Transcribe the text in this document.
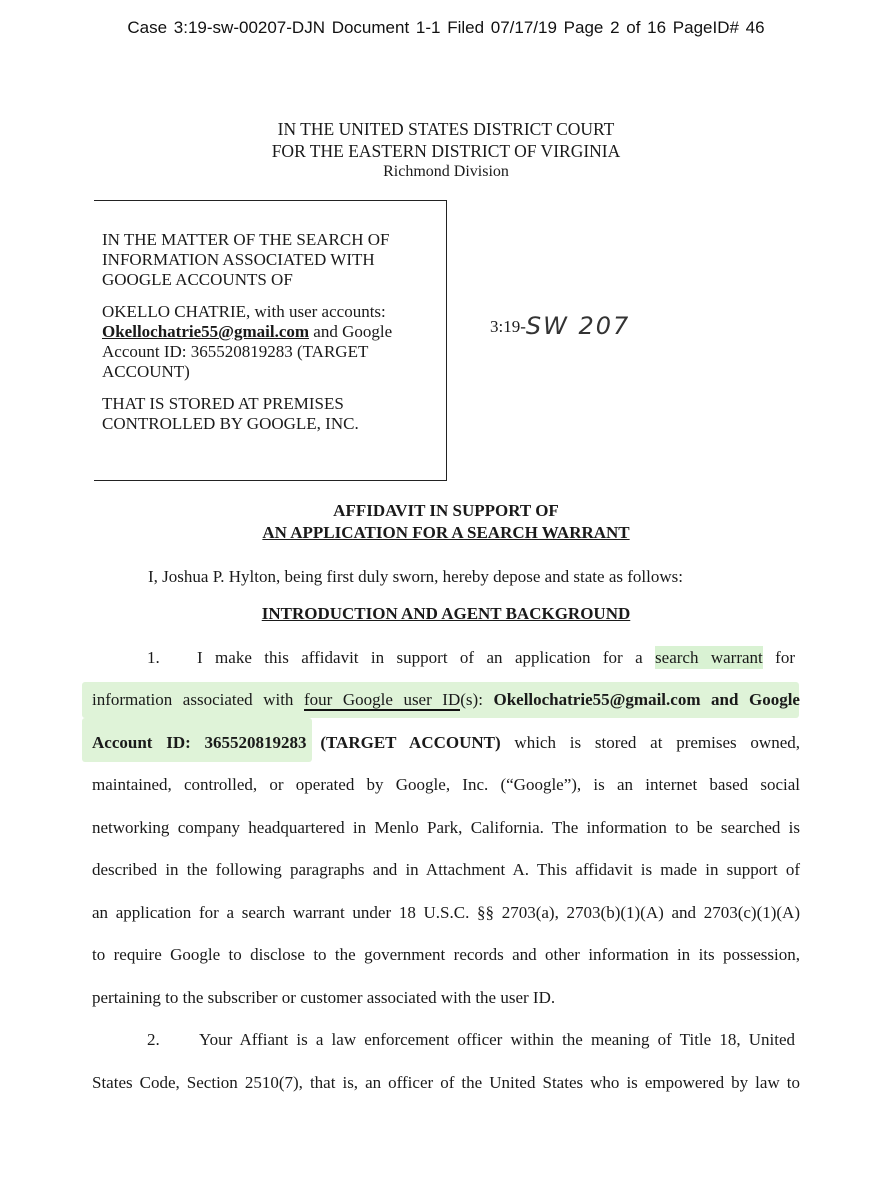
Case 3:19-sw-00207-DJN Document 1-1 Filed 07/17/19 Page 2 of 16 PageID# 46
IN THE UNITED STATES DISTRICT COURT
FOR THE EASTERN DISTRICT OF VIRGINIA
Richmond Division

IN THE MATTER OF THE SEARCH OF INFORMATION ASSOCIATED WITH GOOGLE ACCOUNTS OF

OKELLO CHATRIE, with user accounts: Okellochatrie55@gmail.com and Google Account ID: 365520819283 (TARGET ACCOUNT)

THAT IS STORED AT PREMISES CONTROLLED BY GOOGLE, INC.

3:19-SW 207
AFFIDAVIT IN SUPPORT OF
AN APPLICATION FOR A SEARCH WARRANT
I, Joshua P. Hylton, being first duly sworn, hereby depose and state as follows:
INTRODUCTION AND AGENT BACKGROUND
1. I make this affidavit in support of an application for a search warrant for
information associated with four Google user ID(s): Okellochatrie55@gmail.com and Google
Account ID: 365520819283 (TARGET ACCOUNT) which is stored at premises owned,
maintained, controlled, or operated by Google, Inc. (“Google”), is an internet based social
networking company headquartered in Menlo Park, California. The information to be searched is
described in the following paragraphs and in Attachment A. This affidavit is made in support of
an application for a search warrant under 18 U.S.C. §§ 2703(a), 2703(b)(1)(A) and 2703(c)(1)(A)
to require Google to disclose to the government records and other information in its possession,
pertaining to the subscriber or customer associated with the user ID.
2. Your Affiant is a law enforcement officer within the meaning of Title 18, United
States Code, Section 2510(7), that is, an officer of the United States who is empowered by law to
